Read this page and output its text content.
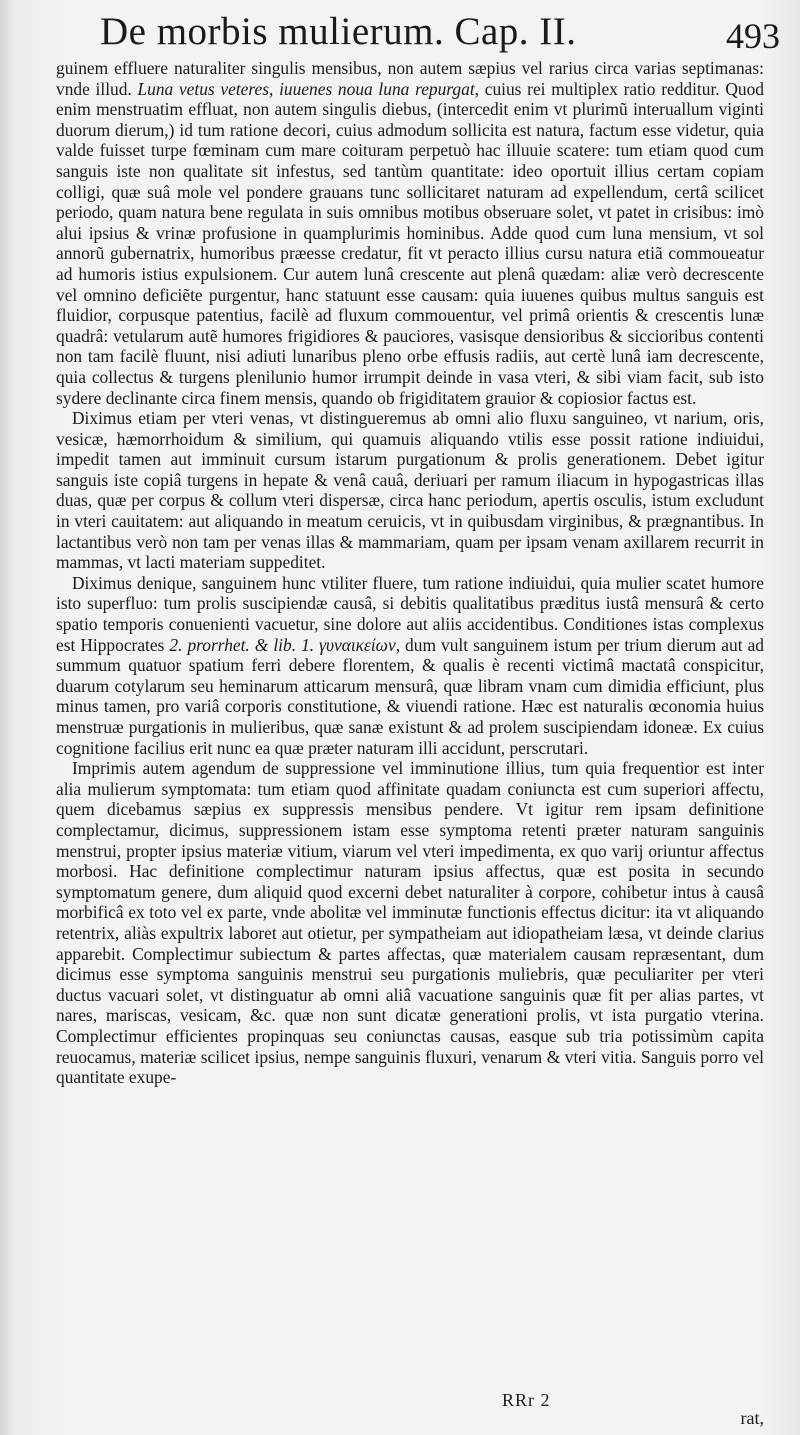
De morbis mulierum. Cap. II.	493

guinem effluere naturaliter singulis mensibus, non autem sæpius vel rarius circa varias septimanas: vnde illud. Luna vetus veteres, iuuenes noua luna repurgat, cuius rei multiplex ratio redditur. Quod enim menstruatim effluat, non autem singulis diebus, (intercedit enim vt plurimũ interuallum viginti duorum dierum,) id tum ratione decori, cuius admodum sollicita est natura, factum esse videtur, quia valde fuisset turpe fœminam cum mare coituram perpetuò hac illuuie scatere: tum etiam quod cum sanguis iste non qualitate sit infestus, sed tantùm quantitate: ideo oportuit illius certam copiam colligi, quæ suâ mole vel pondere grauans tunc sollicitaret naturam ad expellendum, certâ scilicet periodo, quam natura bene regulata in suis omnibus motibus obseruare solet, vt patet in crisibus: imò alui ipsius & vrinæ profusione in quamplurimis hominibus. Adde quod cum luna mensium, vt sol annorũ gubernatrix, humoribus præesse credatur, fit vt peracto illius cursu natura etiã commoueatur ad humoris istius expulsionem. Cur autem lunâ crescente aut plenâ quædam: aliæ verò decrescente vel omnino deficiẽte purgentur, hanc statuunt esse causam: quia iuuenes quibus multus sanguis est fluidior, corpusque patentius, facilè ad fluxum commouentur, vel primâ orientis & crescentis lunæ quadrâ: vetularum autẽ humores frigidiores & pauciores, vasisque densioribus & siccioribus contenti non tam facilè fluunt, nisi adiuti lunaribus pleno orbe effusis radiis, aut certè lunâ iam decrescente, quia collectus & turgens plenilunio humor irrumpit deinde in vasa vteri, & sibi viam facit, sub isto sydere declinante circa finem mensis, quando ob frigiditatem grauior & copiosior factus est.

Diximus etiam per vteri venas, vt distingueremus ab omni alio fluxu sanguineo, vt narium, oris, vesicæ, hæmorrhoidum & similium, qui quamuis aliquando vtilis esse possit ratione indiuidui, impedit tamen aut imminuit cursum istarum purgationum & prolis generationem. Debet igitur sanguis iste copiâ turgens in hepate & venâ cauâ, deriuari per ramum iliacum in hypogastricas illas duas, quæ per corpus & collum vteri dispersæ, circa hanc periodum, apertis osculis, istum excludunt in vteri cauitatem: aut aliquando in meatum ceruicis, vt in quibusdam virginibus, & prægnantibus. In lactantibus verò non tam per venas illas & mammariam, quam per ipsam venam axillarem recurrit in mammas, vt lacti materiam suppeditet.

Diximus denique, sanguinem hunc vtiliter fluere, tum ratione indiuidui, quia mulier scatet humore isto superfluo: tum prolis suscipiendæ causâ, si debitis qualitatibus præditus iustâ mensurâ & certo spatio temporis conuenienti vacuetur, sine dolore aut aliis accidentibus. Conditiones istas complexus est Hippocrates 2. prorrhet. & lib. 1. γυναικείων, dum vult sanguinem istum per trium dierum aut ad summum quatuor spatium ferri debere florentem, & qualis è recenti victimâ mactatâ conspicitur, duarum cotylarum seu heminarum atticarum mensurâ, quæ libram vnam cum dimidia efficiunt, plus minus tamen, pro variâ corporis constitutione, & viuendi ratione. Hæc est naturalis œconomia huius menstruæ purgationis in mulieribus, quæ sanæ existunt & ad prolem suscipiendam idoneæ. Ex cuius cognitione facilius erit nunc ea quæ præter naturam illi accidunt, perscrutari.

Imprimis autem agendum de suppressione vel imminutione illius, tum quia frequentior est inter alia mulierum symptomata: tum etiam quod affinitate quadam coniuncta est cum superiori affectu, quem dicebamus sæpius ex suppressis mensibus pendere. Vt igitur rem ipsam definitione complectamur, dicimus, suppressionem istam esse symptoma retenti præter naturam sanguinis menstrui, propter ipsius materiæ vitium, viarum vel vteri impedimenta, ex quo varij oriuntur affectus morbosi. Hac definitione complectimur naturam ipsius affectus, quæ est posita in secundo symptomatum genere, dum aliquid quod excerni debet naturaliter à corpore, cohibetur intus à causâ morbificâ ex toto vel ex parte, vnde abolitæ vel imminutæ functionis effectus dicitur: ita vt aliquando retentrix, aliàs expultrix laboret aut otietur, per sympatheiam aut idiopatheiam læsa, vt deinde clarius apparebit. Complectimur subiectum & partes affectas, quæ materialem causam repræsentant, dum dicimus esse symptoma sanguinis menstrui seu purgationis muliebris, quæ peculiariter per vteri ductus vacuari solet, vt distinguatur ab omni aliâ vacuatione sanguinis quæ fit per alias partes, vt nares, mariscas, vesicam, &c. quæ non sunt dicatæ generationi prolis, vt ista purgatio vterina. Complectimur efficientes propinquas seu coniunctas causas, easque sub tria potissimùm capita reuocamus, materiæ scilicet ipsius, nempe sanguinis fluxuri, venarum & vteri vitia. Sanguis porro vel quantitate exupe-

RRr 2
rat,
